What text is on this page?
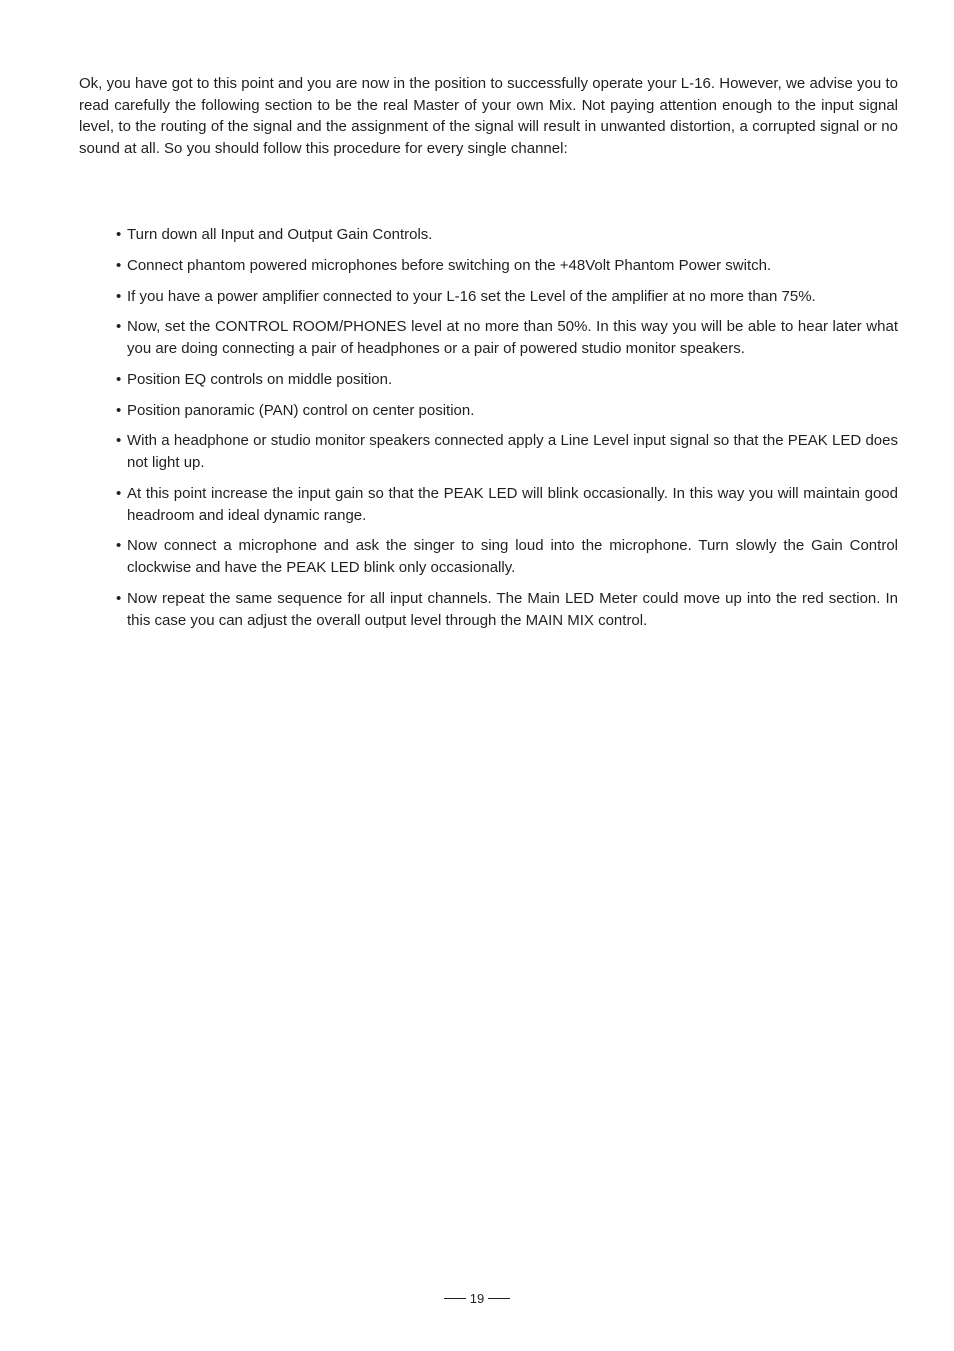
Ok, you have got to this point and you are now in the position to successfully operate your L-16. However, we advise you to read carefully the following section to be the real Master of your own Mix. Not paying attention enough to the input signal level, to the routing of the signal and the assignment of the signal will result in unwanted distortion, a corrupted signal or no sound at all. So you should follow this procedure for every single channel:

• Turn down all Input and Output Gain Controls.
• Connect phantom powered microphones before switching on the +48Volt Phantom Power switch.
• If you have a power amplifier connected to your L-16 set the Level of the amplifier at no more than 75%.
• Now, set the CONTROL ROOM/PHONES level at no more than 50%. In this way you will be able to hear later what you are doing connecting a pair of headphones or a pair of powered studio monitor speakers.
• Position EQ controls on middle position.
• Position panoramic (PAN) control on center position.
• With a headphone or studio monitor speakers connected apply a Line Level input signal so that the PEAK LED does not light up.
• At this point increase the input gain so that the PEAK LED will blink occasionally. In this way you will maintain good headroom and ideal dynamic range.
• Now connect a microphone and ask the singer to sing loud into the microphone. Turn slowly the Gain Control clockwise and have the PEAK LED blink only occasionally.
• Now repeat the same sequence for all input channels. The Main LED Meter could move up into the red section. In this case you can adjust the overall output level through the MAIN MIX control.
19
